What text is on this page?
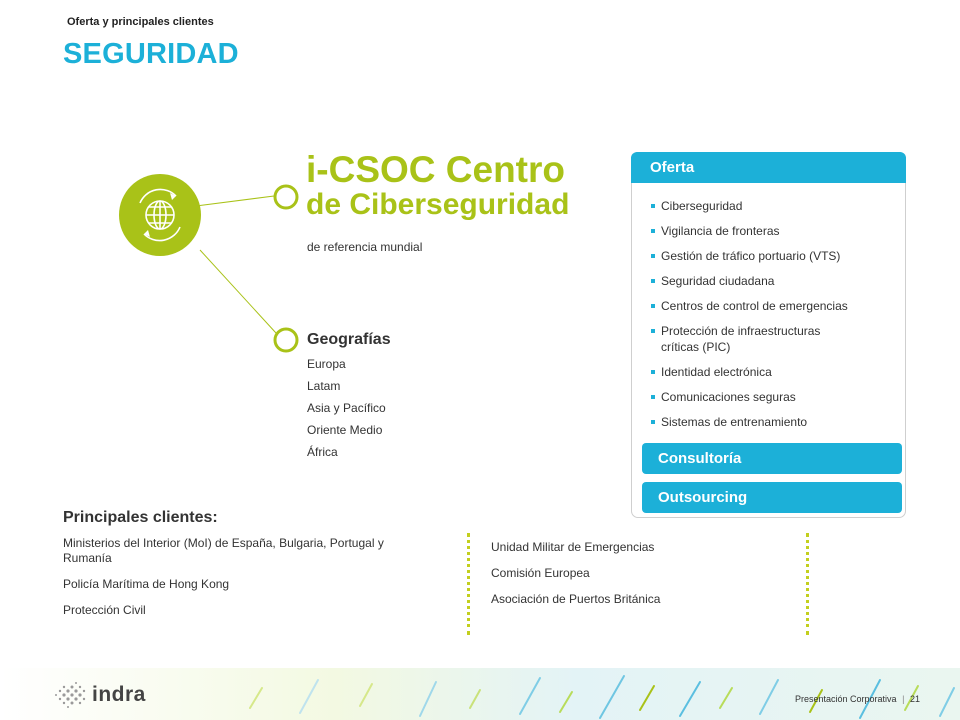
Oferta y principales clientes
SEGURIDAD
i-CSOC Centro
de Ciberseguridad
de referencia mundial
Geografías
Europa
Latam
Asia y Pacífico
Oriente Medio
África
Oferta
Ciberseguridad
Vigilancia de fronteras
Gestión de tráfico portuario (VTS)
Seguridad ciudadana
Centros de control de emergencias
Protección de infraestructuras críticas (PIC)
Identidad electrónica
Comunicaciones seguras
Sistemas de entrenamiento
Consultoría
Outsourcing
Principales clientes:
Ministerios del Interior (MoI) de España, Bulgaria, Portugal y Rumanía
Policía Marítima de Hong Kong
Protección Civil
Unidad Militar de Emergencias
Comisión Europea
Asociación de Puertos Británica
indra	Presentación Corporativa | 21
